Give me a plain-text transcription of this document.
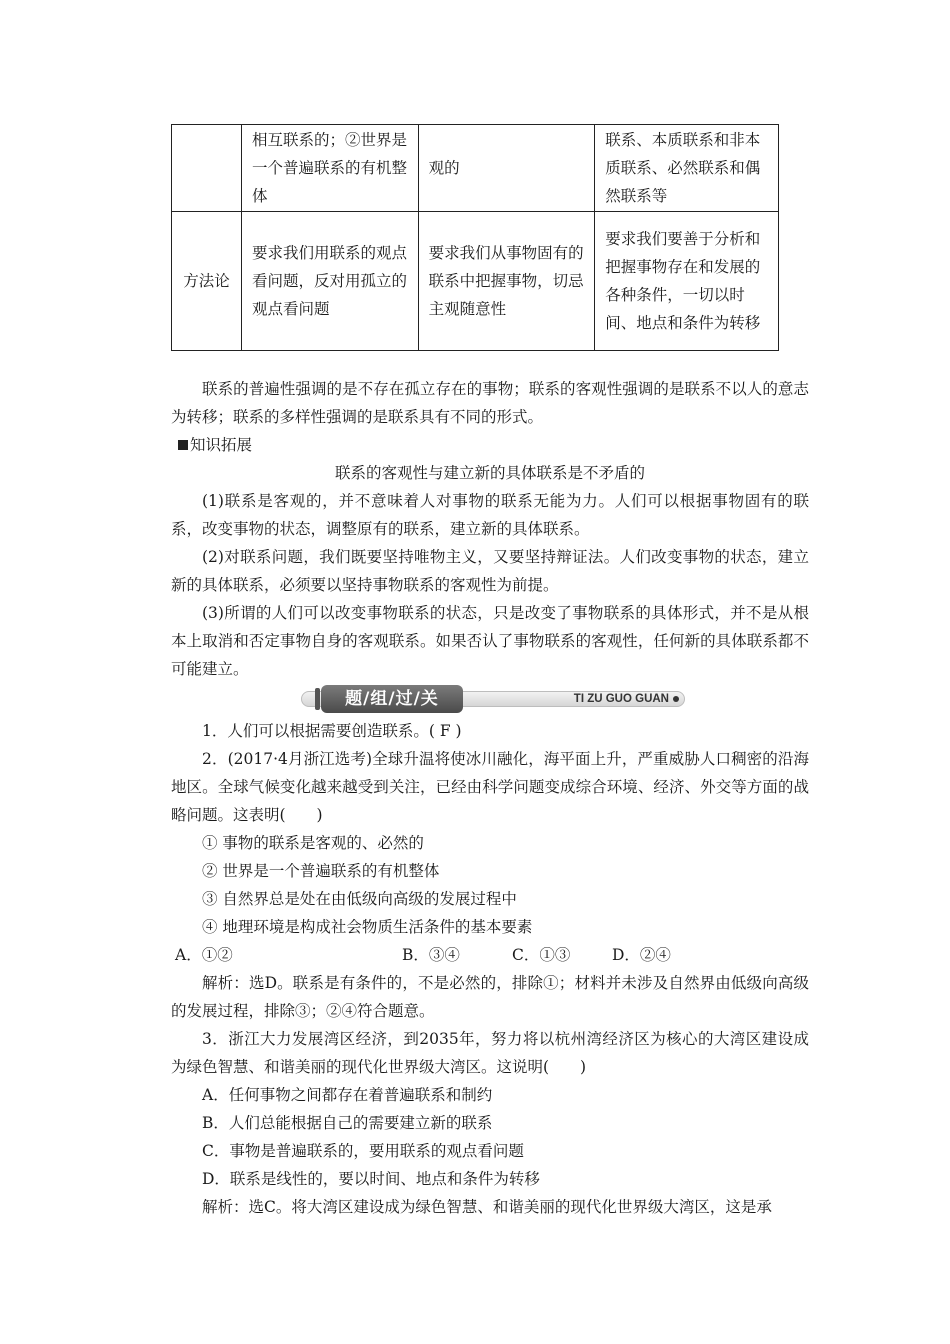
	相互联系的；②世界是一个普遍联系的有机整体	观的	联系、本质联系和非本质联系、必然联系和偶然联系等
方法论	要求我们用联系的观点看问题，反对用孤立的观点看问题	要求我们从事物固有的联系中把握事物，切忌主观随意性	要求我们要善于分析和把握事物存在和发展的各种条件，一切以时间、地点和条件为转移
联系的普遍性强调的是不存在孤立存在的事物；联系的客观性强调的是联系不以人的意志为转移；联系的多样性强调的是联系具有不同的形式。
知识拓展
联系的客观性与建立新的具体联系是不矛盾的
(1)联系是客观的，并不意味着人对事物的联系无能为力。人们可以根据事物固有的联系，改变事物的状态，调整原有的联系，建立新的具体联系。
(2)对联系问题，我们既要坚持唯物主义，又要坚持辩证法。人们改变事物的状态，建立新的具体联系，必须要以坚持事物联系的客观性为前提。
(3)所谓的人们可以改变事物联系的状态，只是改变了事物联系的具体形式，并不是从根本上取消和否定事物自身的客观联系。如果否认了事物联系的客观性，任何新的具体联系都不可能建立。
题/组/过/关	TI ZU GUO GUAN
1．人们可以根据需要创造联系。( F )
2．(2017·4月浙江选考)全球升温将使冰川融化，海平面上升，严重威胁人口稠密的沿海地区。全球气候变化越来越受到关注，已经由科学问题变成综合环境、经济、外交等方面的战略问题。这表明(　　)
① 事物的联系是客观的、必然的
② 世界是一个普遍联系的有机整体
③ 自然界总是处在由低级向高级的发展过程中
④ 地理环境是构成社会物质生活条件的基本要素
A．①②	B．③④	C．①③	D．②④
解析：选D。联系是有条件的，不是必然的，排除①；材料并未涉及自然界由低级向高级的发展过程，排除③；②④符合题意。
3．浙江大力发展湾区经济，到2035年，努力将以杭州湾经济区为核心的大湾区建设成为绿色智慧、和谐美丽的现代化世界级大湾区。这说明(　　)
A．任何事物之间都存在着普遍联系和制约
B．人们总能根据自己的需要建立新的联系
C．事物是普遍联系的，要用联系的观点看问题
D．联系是线性的，要以时间、地点和条件为转移
解析：选C。将大湾区建设成为绿色智慧、和谐美丽的现代化世界级大湾区，这是承
